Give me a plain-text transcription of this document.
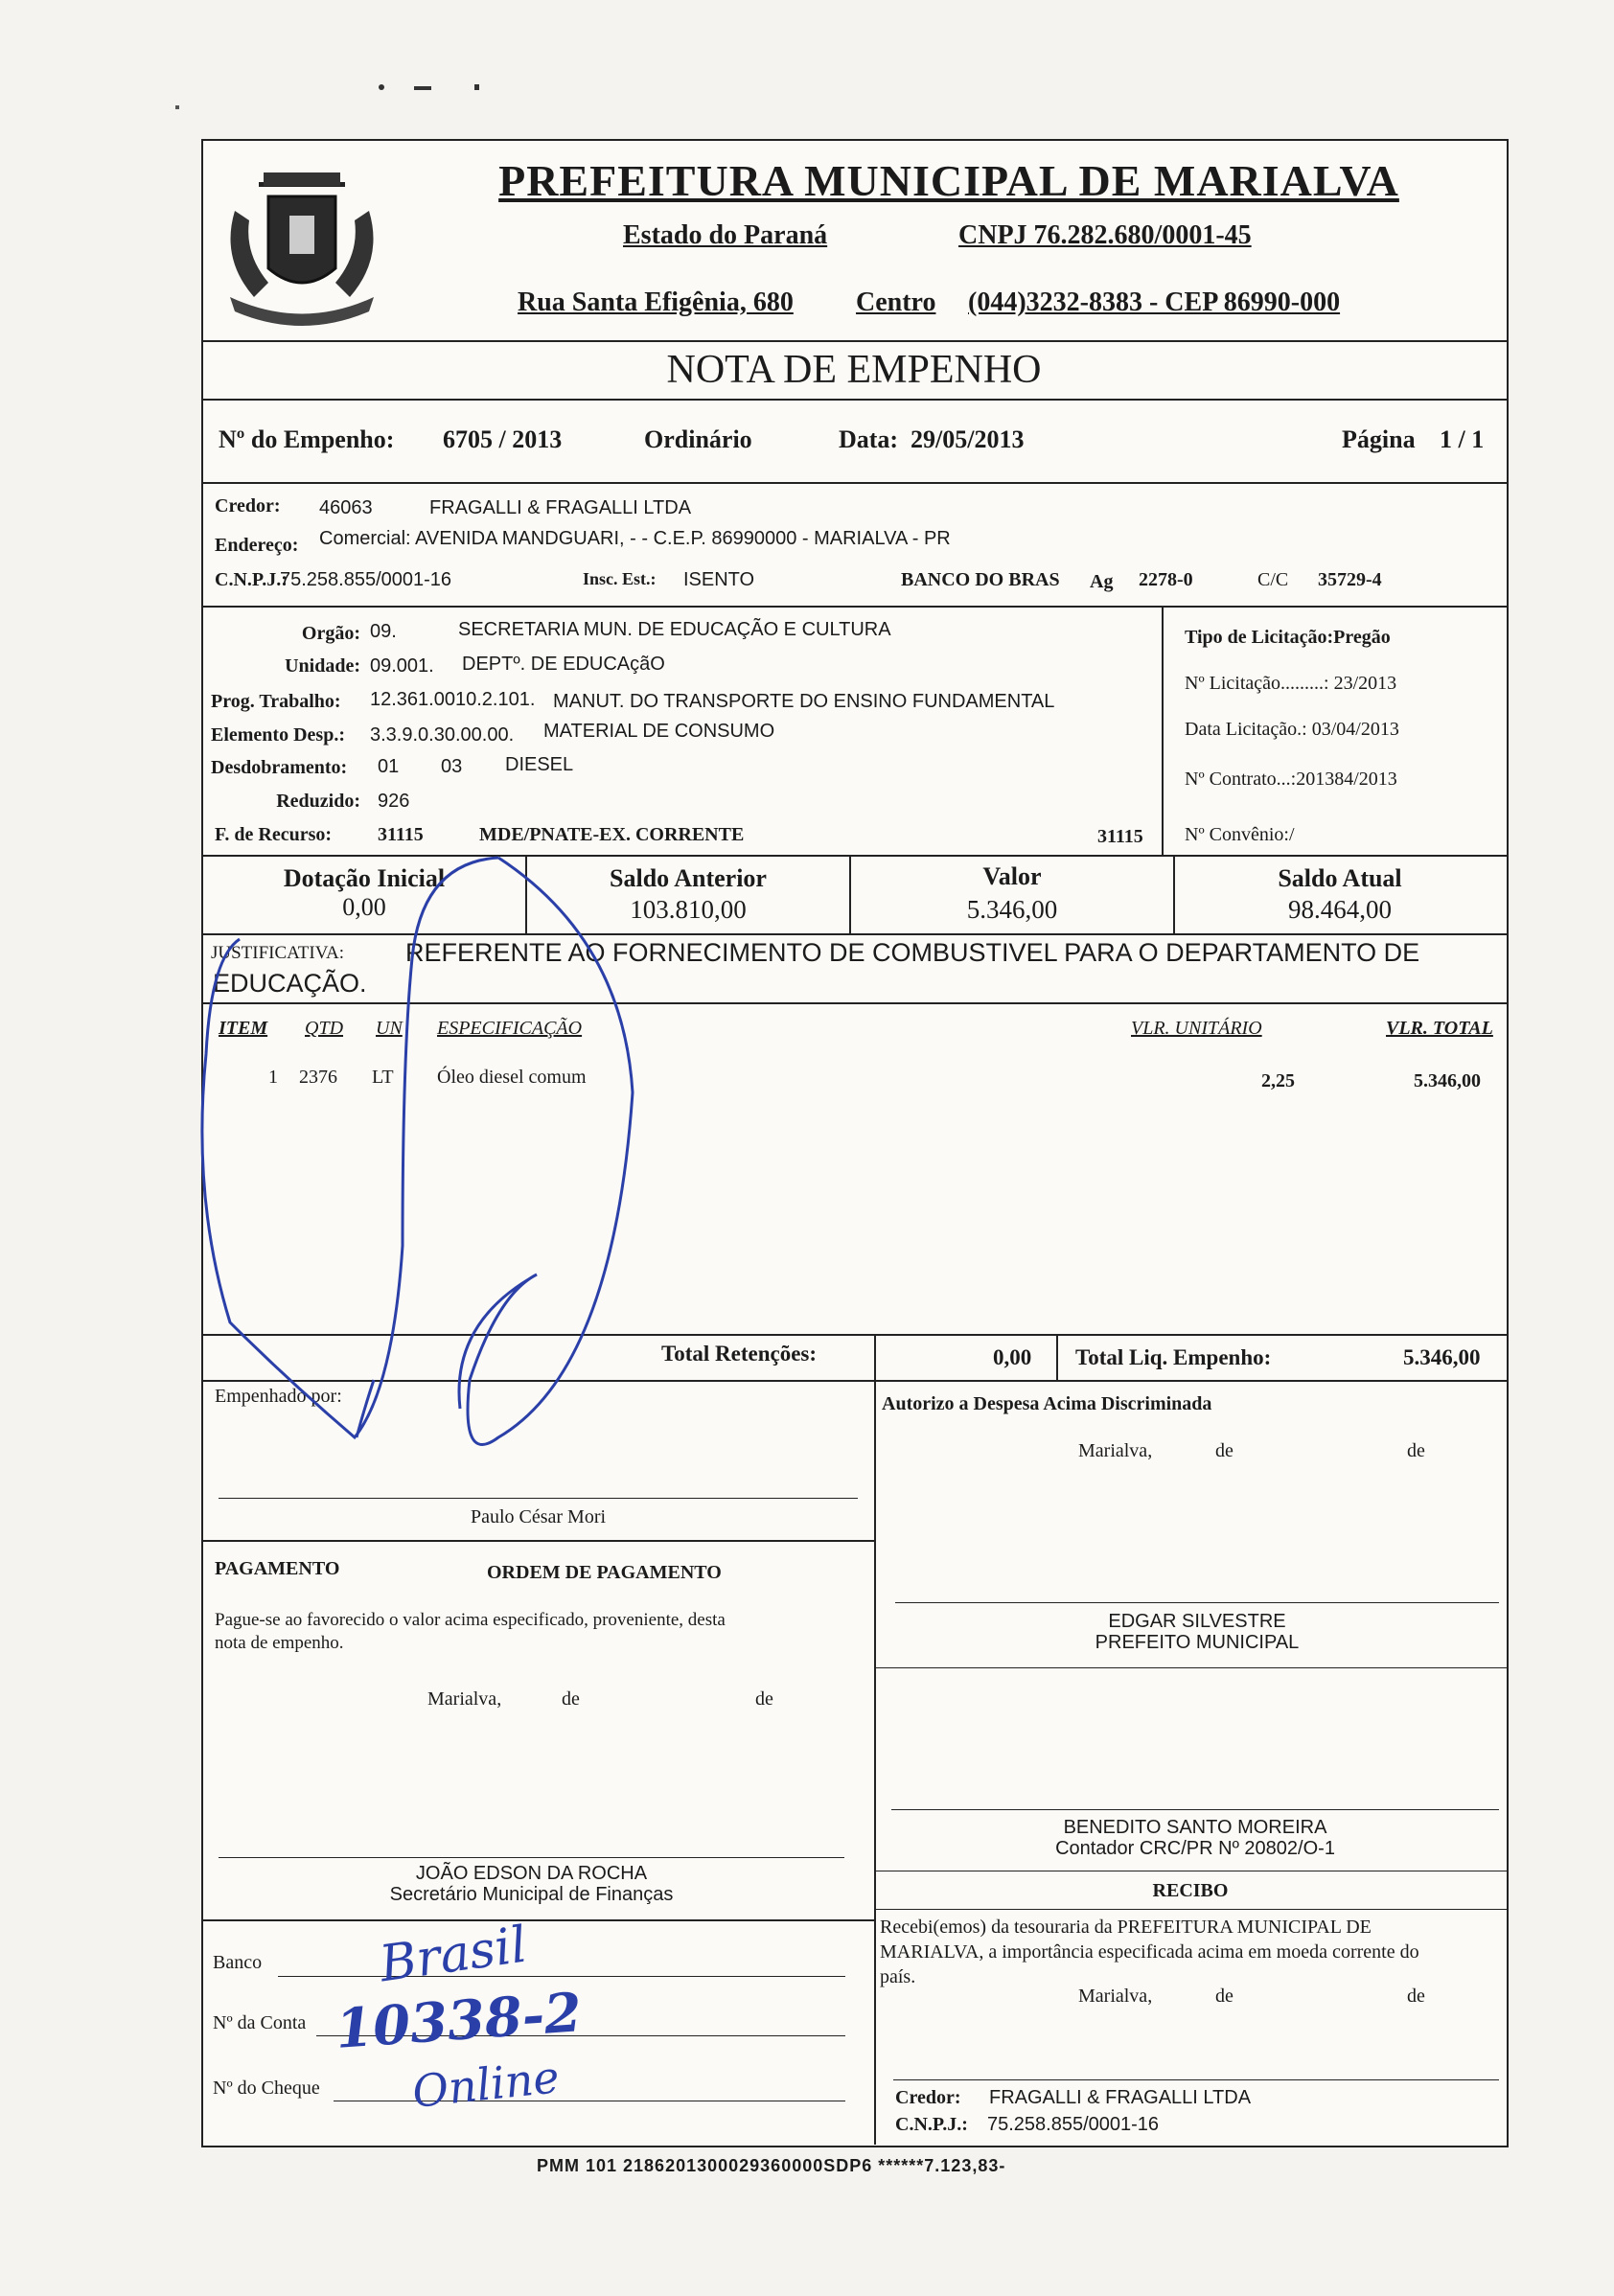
PREFEITURA MUNICIPAL DE MARIALVA
Estado do Paraná	CNPJ 76.282.680/0001-45
Rua Santa Efigênia, 680 Centro (044)3232-8383 - CEP 86990-000
NOTA DE EMPENHO
Nº do Empenho: 6705 / 2013	Ordinário	Data: 29/05/2013	Página 1 / 1
Credor: 46063	FRAGALLI & FRAGALLI LTDA
Endereço: Comercial: AVENIDA MANDGUARI, - - C.E.P. 86990000 - MARIALVA - PR
C.N.P.J.:
75.258.855/0001-16	Insc. Est.: ISENTO	BANCO DO BRAS Ag 2278-0	C/C 35729-4
Orgão: 09.	SECRETARIA MUN. DE EDUCAÇÃO E CULTURA
Unidade: 09.001. DEPTº. DE EDUCAçãO
Prog. Trabalho: 12.361.0010.2.101. MANUT. DO TRANSPORTE DO ENSINO FUNDAMENTAL
Elemento Desp.: 3.3.9.0.30.00.00. MATERIAL DE CONSUMO
Desdobramento: 01 03 DIESEL
Reduzido: 926
F. de Recurso: 31115	MDE/PNATE-EX. CORRENTE	31115
Tipo de Licitação:Pregão
Nº Licitação.........: 23/2013
Data Licitação.: 03/04/2013
Nº Contrato...:201384/2013
Nº Convênio:/
Dotação Inicial
0,00
Saldo Anterior
103.810,00
Valor
5.346,00
Saldo Atual
98.464,00
JUSTIFICATIVA: REFERENTE AO FORNECIMENTO DE COMBUSTIVEL PARA O DEPARTAMENTO DE
EDUCAÇÃO.
ITEM QTD UN ESPECIFICAÇÃO	VLR. UNITÁRIO	VLR. TOTAL
1 2376 LT Óleo diesel comum	2,25	5.346,00
Total Retenções:	0,00 Total Liq. Empenho:	5.346,00
Empenhado por:
Paulo César Mori
Autorizo a Despesa Acima Discriminada
Marialva,	de	de
EDGAR SILVESTRE
PREFEITO MUNICIPAL
PAGAMENTO	ORDEM DE PAGAMENTO
Pague-se ao favorecido o valor acima especificado, proveniente, desta
nota de empenho.
Marialva,	de	de
BENEDITO SANTO MOREIRA
Contador CRC/PR Nº 20802/O-1
JOÃO EDSON DA ROCHA
Secretário Municipal de Finanças	RECIBO
Recebi(emos) da tesouraria da PREFEITURA MUNICIPAL DE
MARIALVA, a importância especificada acima em moeda corrente do
país.
Marialva,	de	de
Credor: FRAGALLI & FRAGALLI LTDA
C.N.P.J.: 75.258.855/0001-16
Banco
Nº da Conta
Nº do Cheque
Brasil
10338-2
Online
PMM 101 2186201300029360000SDP6 ******7.123,83-
